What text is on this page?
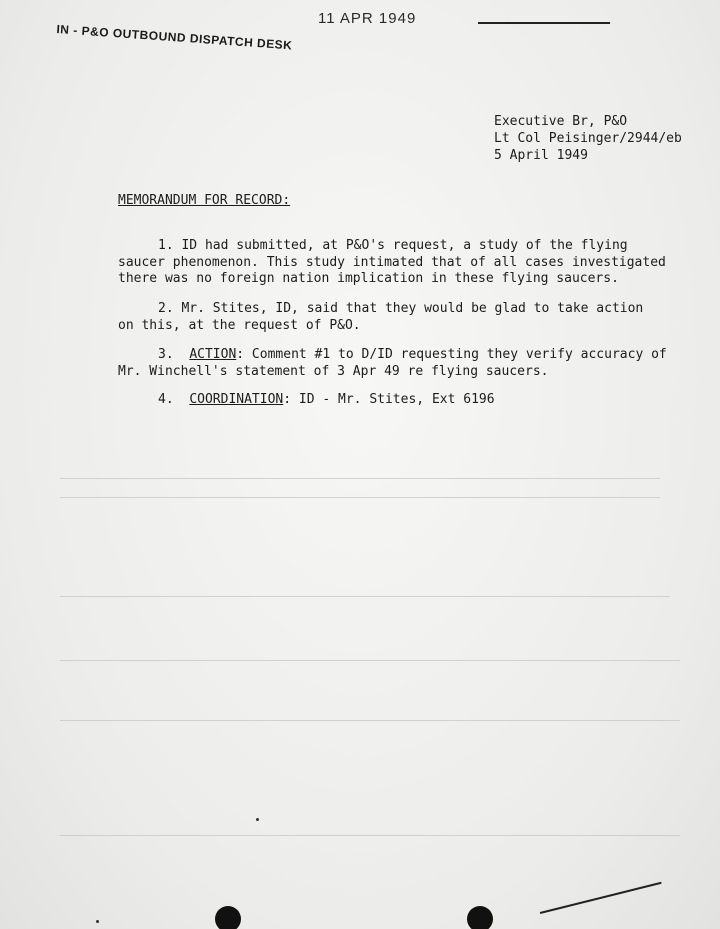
IN - P&O OUTBOUND DISPATCH DESK
11 APR 1949
Executive Br, P&O
Lt Col Peisinger/2944/eb
5 April 1949
MEMORANDUM FOR RECORD:
1. ID had submitted, at P&O's request, a study of the flying
saucer phenomenon. This study intimated that of all cases investigated
there was no foreign nation implication in these flying saucers.
2. Mr. Stites, ID, said that they would be glad to take action
on this, at the request of P&O.
3. ACTION: Comment #1 to D/ID requesting they verify accuracy of
Mr. Winchell's statement of 3 Apr 49 re flying saucers.
4. COORDINATION: ID - Mr. Stites, Ext 6196
